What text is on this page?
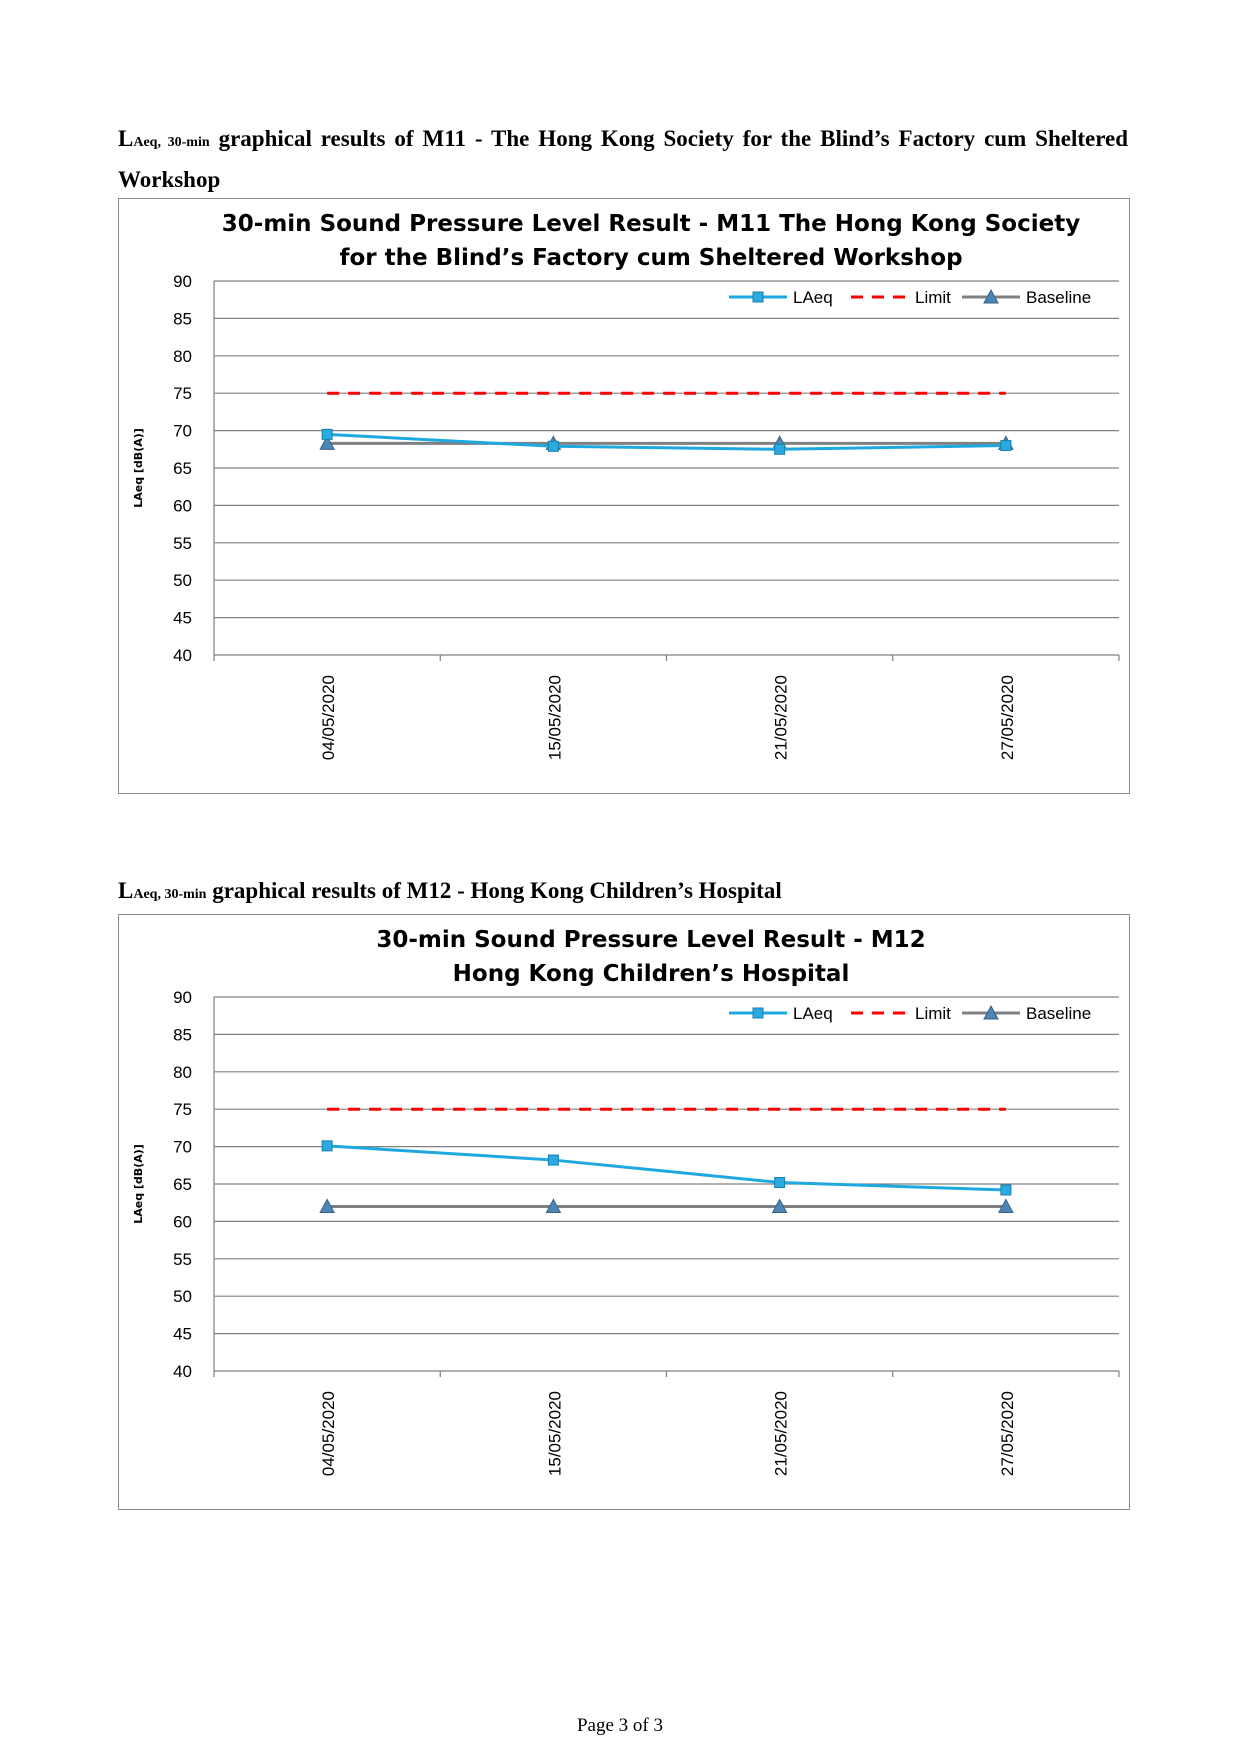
LAeq, 30-min graphical results of M11 - The Hong Kong Society for the Blind’s Factory cum Sheltered Workshop
30-min Sound Pressure Level Result - M11 The Hong Kong Society
for the Blind’s Factory cum Sheltered Workshop
40
45
50
55
60
65
70
75
80
85
90
LAeq [dB(A)]
04/05/2020	15/05/2020	21/05/2020	27/05/2020
LAeq	Limit	Baseline
LAeq, 30-min graphical results of M12 - Hong Kong Children’s Hospital
30-min Sound Pressure Level Result - M12
Hong Kong Children’s Hospital
40
45
50
55
60
65
70
75
80
85
90
LAeq [dB(A)]
04/05/2020	15/05/2020	21/05/2020	27/05/2020
LAeq	Limit	Baseline
Page 3 of 3
